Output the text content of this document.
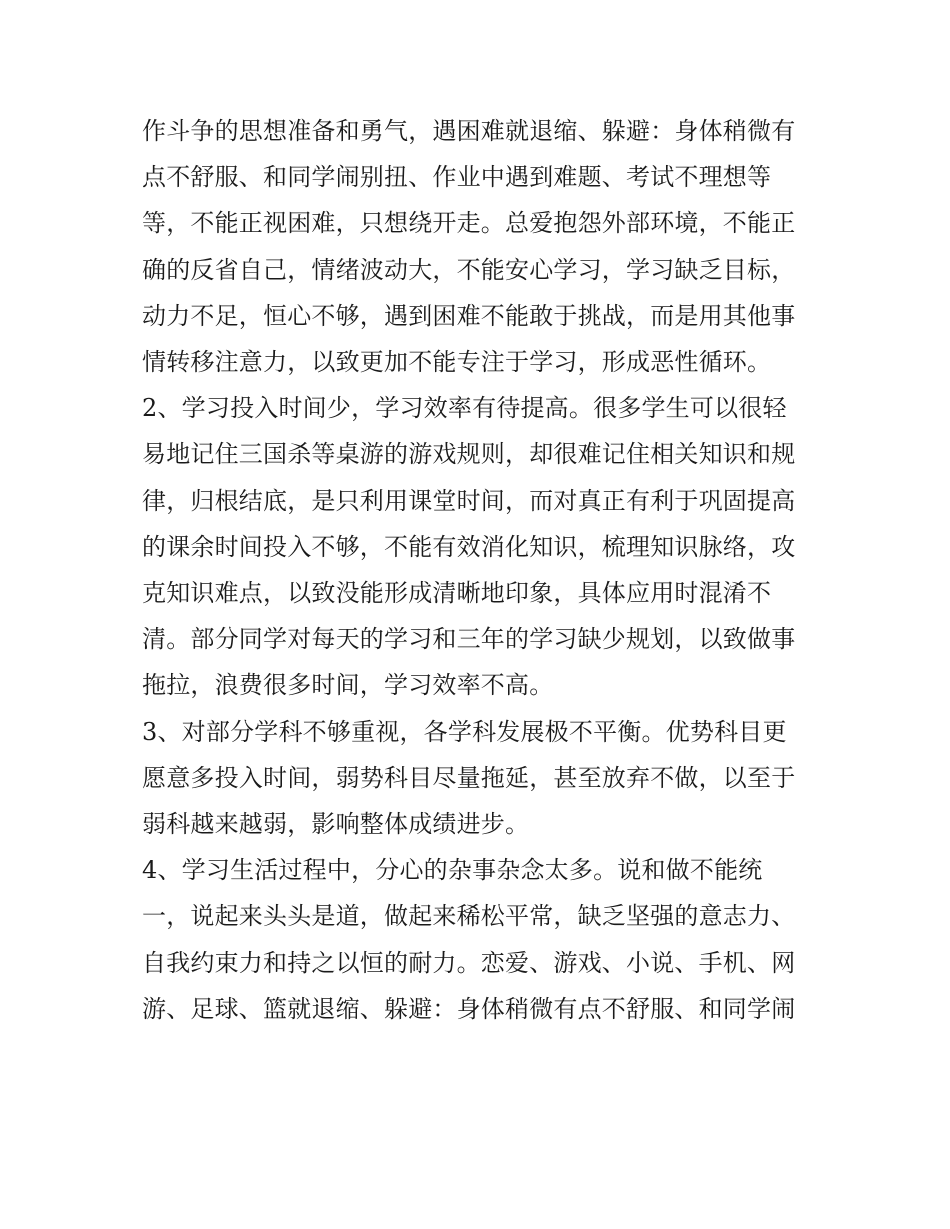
作斗争的思想准备和勇气，遇困难就退缩、躲避：身体稍微有
点不舒服、和同学闹别扭、作业中遇到难题、考试不理想等
等，不能正视困难，只想绕开走。总爱抱怨外部环境，不能正
确的反省自己，情绪波动大，不能安心学习，学习缺乏目标，
动力不足，恒心不够，遇到困难不能敢于挑战，而是用其他事
情转移注意力，以致更加不能专注于学习，形成恶性循环。
2、学习投入时间少，学习效率有待提高。很多学生可以很轻
易地记住三国杀等桌游的游戏规则，却很难记住相关知识和规
律，归根结底，是只利用课堂时间，而对真正有利于巩固提高
的课余时间投入不够，不能有效消化知识，梳理知识脉络，攻
克知识难点，以致没能形成清晰地印象，具体应用时混淆不
清。部分同学对每天的学习和三年的学习缺少规划，以致做事
拖拉，浪费很多时间，学习效率不高。
3、对部分学科不够重视，各学科发展极不平衡。优势科目更
愿意多投入时间，弱势科目尽量拖延，甚至放弃不做，以至于
弱科越来越弱，影响整体成绩进步。
4、学习生活过程中，分心的杂事杂念太多。说和做不能统
一，说起来头头是道，做起来稀松平常，缺乏坚强的意志力、
自我约束力和持之以恒的耐力。恋爱、游戏、小说、手机、网
游、足球、篮就退缩、躲避：身体稍微有点不舒服、和同学闹
